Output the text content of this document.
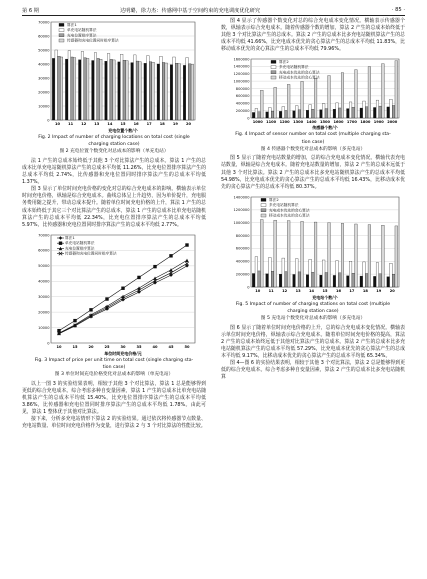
第 6 期	达明璐，徐力杰：传感网中基于空间约束的充电调度优化研究	· 85 ·
0
10000
20000
30000
40000
50000
60000
70000
10 11 12 13 14 15 16 17 18 19 20
充电位置个数/个
算法1
单充电站随机算法
充电位置排序算法
传感器和充电位置同时排序算法
Fig. 2 Impact of number of charging locations on total cost (single
charging station case)
图 2 充电位置个数变化对总成本的影响（单充电站）

法 1 产生的总成本始终低于其他 3 个对比算法产生的总成本。算法 1 产生的总成本比单充电站随机算法产生的总成本平均低 11.26%，比充电位置排序算法产生的总成本平均低 2.74%，比传感器和充电位置同时排序算法产生的总成本平均低 1.37%。

图 3 显示了单位时间充电价格的变化对总的综合充电成本的影响。横轴表示单位时间充电价格，纵轴是综合充电成本。曲线总体呈上升趋势，因为单价提升，充电服务费用随之提升，带动总成本提升。随着单位时间充电价格的上升，算法 1 产生的总成本始终低于其它三个对比算法产生的总成本，算法 1 产生的总成本比单充电站随机算法产生的总成本平均低 22.34%，比充电位置排序算法产生的总成本平均低 5.97%，比传感器和充电位置同时排序算法产生的总成本平均低 2.77%。

0
10000
20000
30000
40000
50000
60000
70000
10	15	20	25	30	35	40	45	50
单位时间充电价格/元
算法1
单充电站随机算法
充电位置排序算法
传感器和充电位置同时排序算法
Fig. 3 Impact of price per unit time on total cost (single charging sta-
tion case)
图 3 单位时间充电价格变化对总成本的影响（单充电站）

以上一图 3 的实验结果表明，相较于其他 3 个对比算法，算法 1 总是能够得到更低的综合充电成本。综合考虑多种自变量因素，算法 1 产生的总成本比单充电站随机算法产生的总成本平均低 15.40%，比充电位置排序算法产生的总成本平均低 3.86%，比传感器和充电位置同时排序算法产生的总成本平均低 1.78%。由此可见，算法 1 整体优于其他对比算法。

接下来，分析多充电站情形下算法 2 的实验结果。通过依次将传感器节点数量、充电站数量、单位时间充电价格作为变量，进行算法 2 与 3 个对比算法的性能比较。

图 4 显示了传感器个数变化对总的综合充电成本变化情况。横轴表示传感器个数，纵轴表示综合充电成本。随着传感器个数的增加，算法 2 产生的总成本始终低于其他 3 个对比算法产生的总成本。算法 2 产生的总成本比多充电站随机算法产生的总成本平均低 41.66%，比充电成本优先的贪心算法产生的总成本平均低 11.83%，比移动成本优先的贪心算法产生的总成本平均低 79.96%。

0
200000
400000
600000
800000
1000000
1200000
1400000
1600000
1000 1100 1200 1300 1400 1500 1600 1700 1800 1900 2000
传感器个数/个
算法2
多充电站随机算法
充电成本优先的贪心算法
移动成本优先的贪心算法
Fig. 4 Impact of sensor number on total cost (multiple charging sta-
tion case)
图 4 传感器个数变化对总成本的影响（多充电站）

图 5 显示了随着充电站数量的增加，总的综合充电成本变化情况。横轴代表充电站数量，纵轴是综合充电成本。随着充电站数量的增加，算法 2 产生的总成本远低于其他 3 个对比算法。算法 2 产生的总成本比多充电站随机算法产生的总成本平均低 54.98%，比充电成本优先的贪心算法产生的总成本平均低 16.43%，比移动成本优先的贪心算法产生的总成本平均低 80.37%。

0
200000
400000
600000
800000
1000000
1200000
1400000
10 11 12 13 14 15 16 17 18 19 20
充电站个数/个
算法2
多充电站随机算法
充电成本优先的贪心算法
移动成本优先的贪心算法
Fig. 5 Impact of number of charging stations on total cost (multiple
charging station case)
图 5 充电站个数变化对总成本的影响（多充电站）

图 6 显示了随着单位时间充电价格的上升，总的综合充电成本变化情况。横轴表示单位时间充电价格，纵轴表示综合充电成本。随着单位时间充电价格的提高，算法 2 产生的总成本始终远低于其他对比算法产生的总成本。算法 2 产生的总成本比多充电站随机算法产生的总成本平均低 57.29%，比充电成本优先的贪心算法产生的总成本平均低 9.17%，比移动成本优先的贪心算法产生的总成本平均低 65.34%。

图 4—图 6 的实验结果表明，相较于其他 3 个对比算法，算法 2 总是能够得到更低的综合充电成本。综合考虑多种自变量因素，算法 2 产生的总成本比多充电站随机算
